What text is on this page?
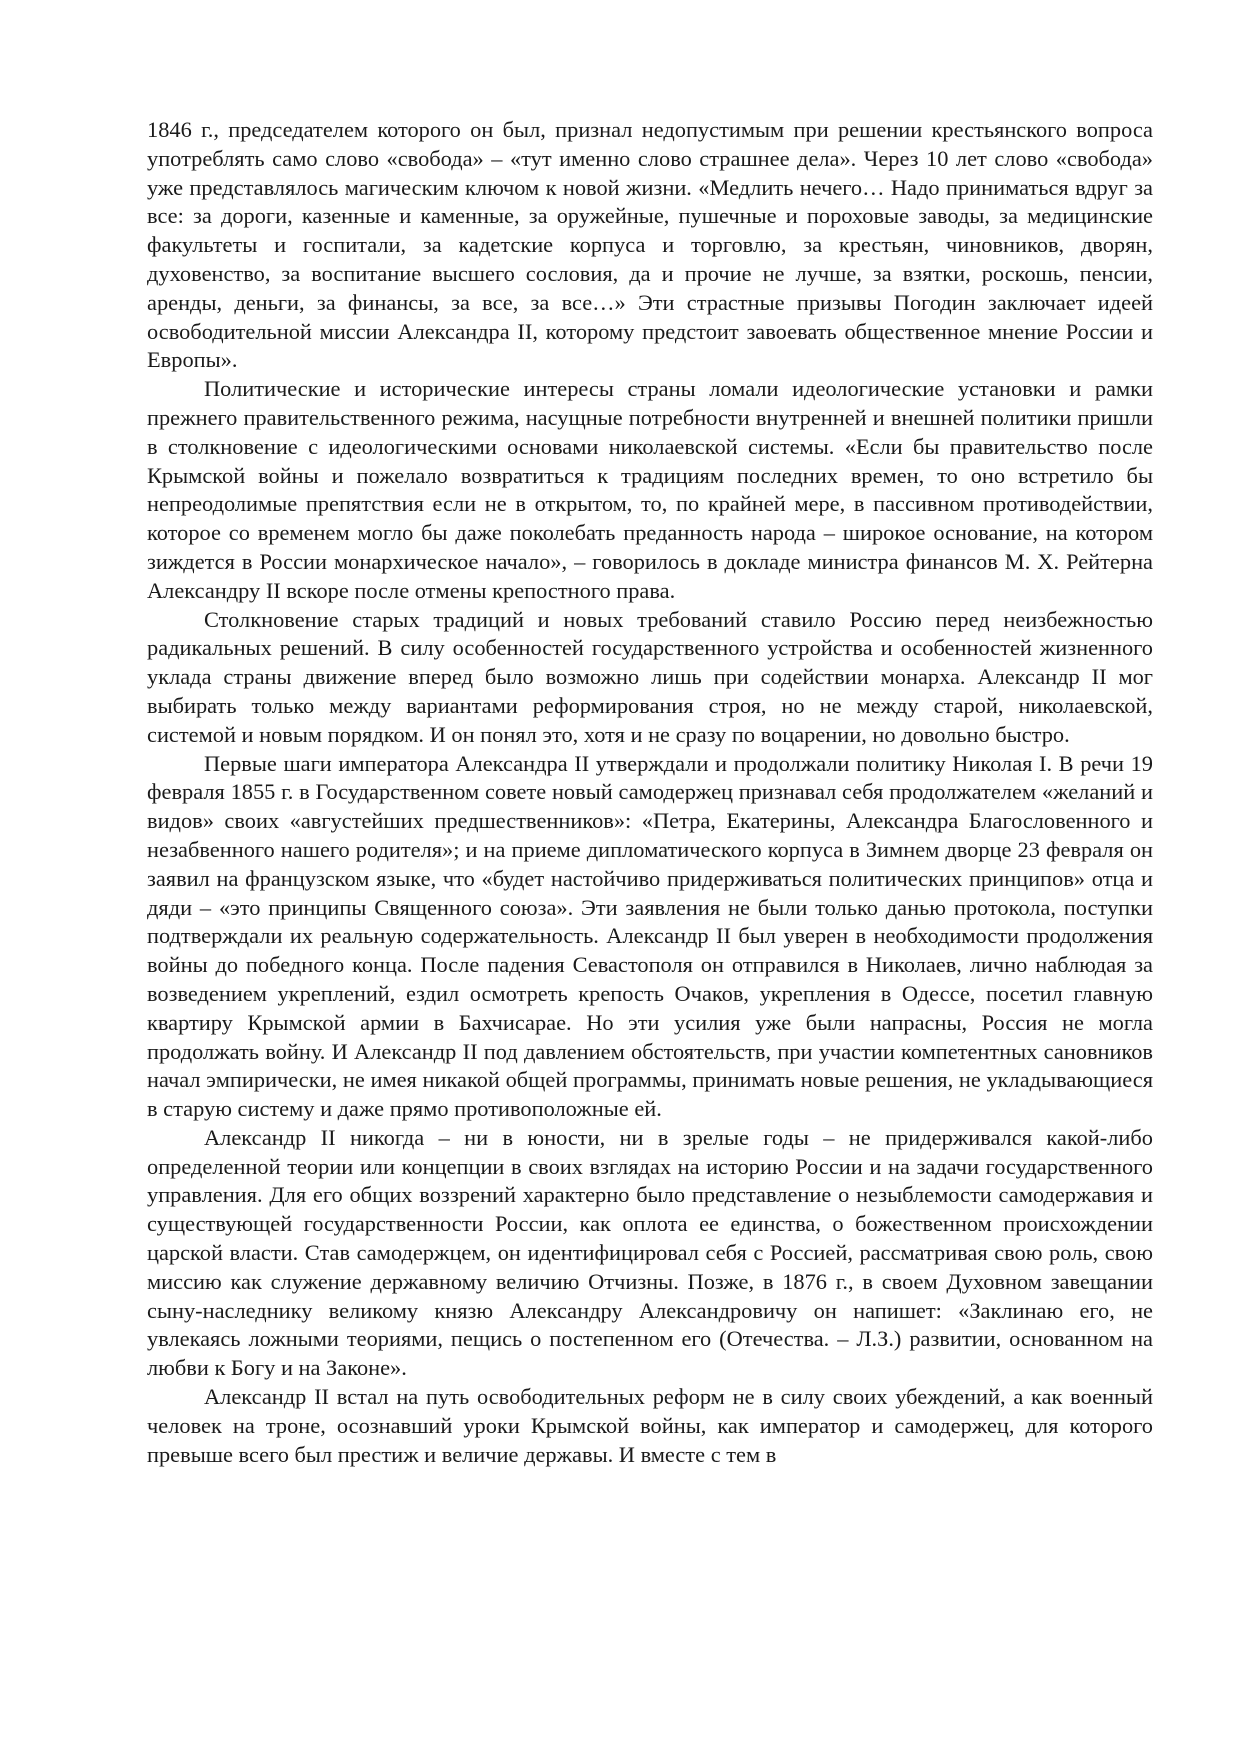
1846 г., председателем которого он был, признал недопустимым при решении крестьянского вопроса употреблять само слово «свобода» – «тут именно слово страшнее дела». Через 10 лет слово «свобода» уже представлялось магическим ключом к новой жизни. «Медлить нечего… Надо приниматься вдруг за все: за дороги, казенные и каменные, за оружейные, пушечные и пороховые заводы, за медицинские факультеты и госпитали, за кадетские корпуса и торговлю, за крестьян, чиновников, дворян, духовенство, за воспитание высшего сословия, да и прочие не лучше, за взятки, роскошь, пенсии, аренды, деньги, за финансы, за все, за все…» Эти страстные призывы Погодин заключает идеей освободительной миссии Александра II, которому предстоит завоевать общественное мнение России и Европы».

Политические и исторические интересы страны ломали идеологические установки и рамки прежнего правительственного режима, насущные потребности внутренней и внешней политики пришли в столкновение с идеологическими основами николаевской системы. «Если бы правительство после Крымской войны и пожелало возвратиться к традициям последних времен, то оно встретило бы непреодолимые препятствия если не в открытом, то, по крайней мере, в пассивном противодействии, которое со временем могло бы даже поколебать преданность народа – широкое основание, на котором зиждется в России монархическое начало», – говорилось в докладе министра финансов М. Х. Рейтерна Александру II вскоре после отмены крепостного права.

Столкновение старых традиций и новых требований ставило Россию перед неизбежностью радикальных решений. В силу особенностей государственного устройства и особенностей жизненного уклада страны движение вперед было возможно лишь при содействии монарха. Александр II мог выбирать только между вариантами реформирования строя, но не между старой, николаевской, системой и новым порядком. И он понял это, хотя и не сразу по воцарении, но довольно быстро.

Первые шаги императора Александра II утверждали и продолжали политику Николая I. В речи 19 февраля 1855 г. в Государственном совете новый самодержец признавал себя продолжателем «желаний и видов» своих «августейших предшественников»: «Петра, Екатерины, Александра Благословенного и незабвенного нашего родителя»; и на приеме дипломатического корпуса в Зимнем дворце 23 февраля он заявил на французском языке, что «будет настойчиво придерживаться политических принципов» отца и дяди – «это принципы Священного союза». Эти заявления не были только данью протокола, поступки подтверждали их реальную содержательность. Александр II был уверен в необходимости продолжения войны до победного конца. После падения Севастополя он отправился в Николаев, лично наблюдая за возведением укреплений, ездил осмотреть крепость Очаков, укрепления в Одессе, посетил главную квартиру Крымской армии в Бахчисарае. Но эти усилия уже были напрасны, Россия не могла продолжать войну. И Александр II под давлением обстоятельств, при участии компетентных сановников начал эмпирически, не имея никакой общей программы, принимать новые решения, не укладывающиеся в старую систему и даже прямо противоположные ей.

Александр II никогда – ни в юности, ни в зрелые годы – не придерживался какой-либо определенной теории или концепции в своих взглядах на историю России и на задачи государственного управления. Для его общих воззрений характерно было представление о незыблемости самодержавия и существующей государственности России, как оплота ее единства, о божественном происхождении царской власти. Став самодержцем, он идентифицировал себя с Россией, рассматривая свою роль, свою миссию как служение державному величию Отчизны. Позже, в 1876 г., в своем Духовном завещании сыну-наследнику великому князю Александру Александровичу он напишет: «Заклинаю его, не увлекаясь ложными теориями, пещись о постепенном его (Отечества. – Л.З.) развитии, основанном на любви к Богу и на Законе».

Александр II встал на путь освободительных реформ не в силу своих убеждений, а как военный человек на троне, осознавший уроки Крымской войны, как император и самодержец, для которого превыше всего был престиж и величие державы. И вместе с тем в
